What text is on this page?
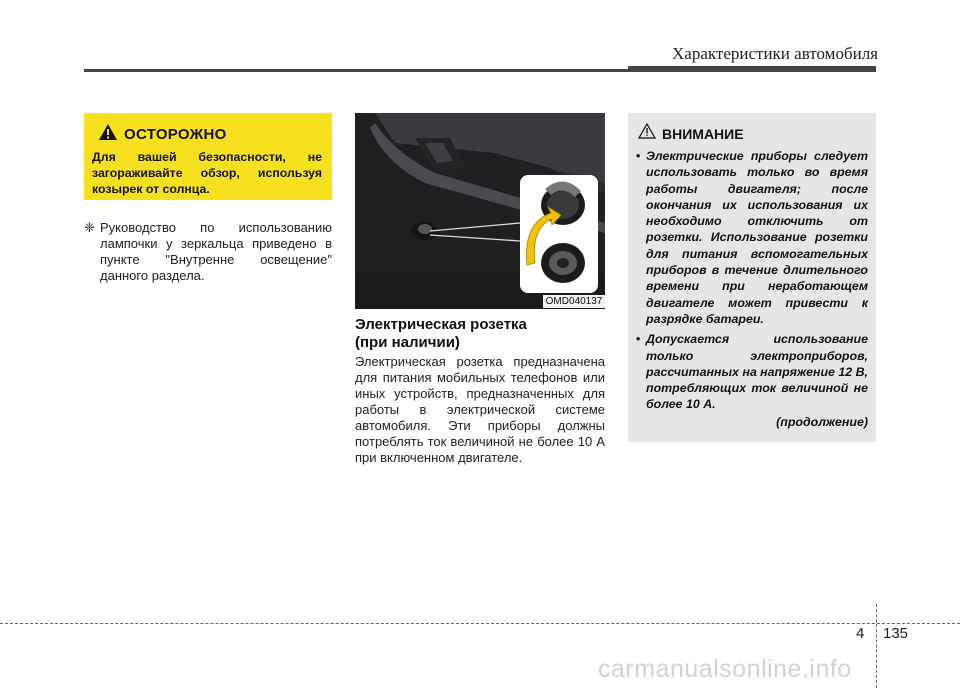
Характеристики автомобиля
ОСТОРОЖНО
Для вашей безопасности, не загораживайте обзор, используя козырек от солнца.
❈ Руководство по использованию лампочки у зеркальца приведено в пункте "Внутренне освещение" данного раздела.
OMD040137
Электрическая розетка
(при наличии)
Электрическая розетка предназначена для питания мобильных телефонов или иных устройств, предназначенных для работы в электрической системе автомобиля. Эти приборы должны потреблять ток величиной не более 10 А при включенном двигателе.
ВНИМАНИЕ
• Электрические приборы следует использовать только во время работы двигателя; после окончания их использования их необходимо отключить от розетки. Использование розетки для питания вспомогательных приборов в течение длительного времени при неработающем двигателе может привести к разрядке батареи.
• Допускается использование только электроприборов, рассчитанных на напряжение 12 В, потребляющих ток величиной не более 10 А.
(продолжение)
4 135
carmanualsonline.info
